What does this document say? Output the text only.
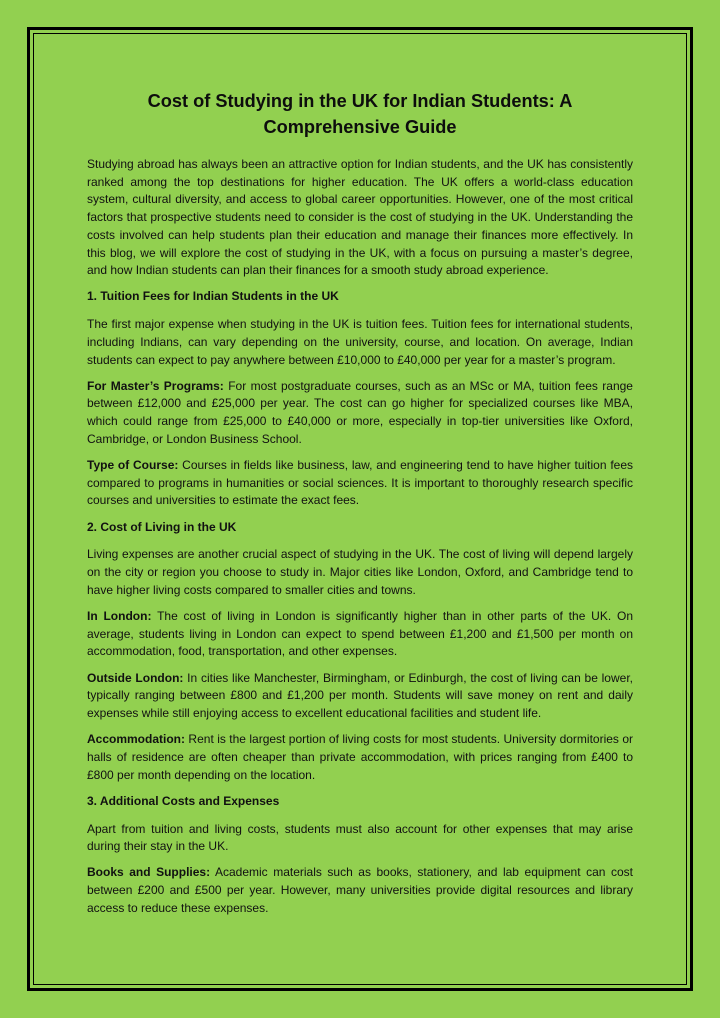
Cost of Studying in the UK for Indian Students: A Comprehensive Guide

Studying abroad has always been an attractive option for Indian students, and the UK has consistently ranked among the top destinations for higher education. The UK offers a world-class education system, cultural diversity, and access to global career opportunities. However, one of the most critical factors that prospective students need to consider is the cost of studying in the UK. Understanding the costs involved can help students plan their education and manage their finances more effectively. In this blog, we will explore the cost of studying in the UK, with a focus on pursuing a master’s degree, and how Indian students can plan their finances for a smooth study abroad experience.

1. Tuition Fees for Indian Students in the UK

The first major expense when studying in the UK is tuition fees. Tuition fees for international students, including Indians, can vary depending on the university, course, and location. On average, Indian students can expect to pay anywhere between £10,000 to £40,000 per year for a master’s program.

For Master’s Programs: For most postgraduate courses, such as an MSc or MA, tuition fees range between £12,000 and £25,000 per year. The cost can go higher for specialized courses like MBA, which could range from £25,000 to £40,000 or more, especially in top-tier universities like Oxford, Cambridge, or London Business School.

Type of Course: Courses in fields like business, law, and engineering tend to have higher tuition fees compared to programs in humanities or social sciences. It is important to thoroughly research specific courses and universities to estimate the exact fees.

2. Cost of Living in the UK

Living expenses are another crucial aspect of studying in the UK. The cost of living will depend largely on the city or region you choose to study in. Major cities like London, Oxford, and Cambridge tend to have higher living costs compared to smaller cities and towns.

In London: The cost of living in London is significantly higher than in other parts of the UK. On average, students living in London can expect to spend between £1,200 and £1,500 per month on accommodation, food, transportation, and other expenses.

Outside London: In cities like Manchester, Birmingham, or Edinburgh, the cost of living can be lower, typically ranging between £800 and £1,200 per month. Students will save money on rent and daily expenses while still enjoying access to excellent educational facilities and student life.

Accommodation: Rent is the largest portion of living costs for most students. University dormitories or halls of residence are often cheaper than private accommodation, with prices ranging from £400 to £800 per month depending on the location.

3. Additional Costs and Expenses

Apart from tuition and living costs, students must also account for other expenses that may arise during their stay in the UK.

Books and Supplies: Academic materials such as books, stationery, and lab equipment can cost between £200 and £500 per year. However, many universities provide digital resources and library access to reduce these expenses.
